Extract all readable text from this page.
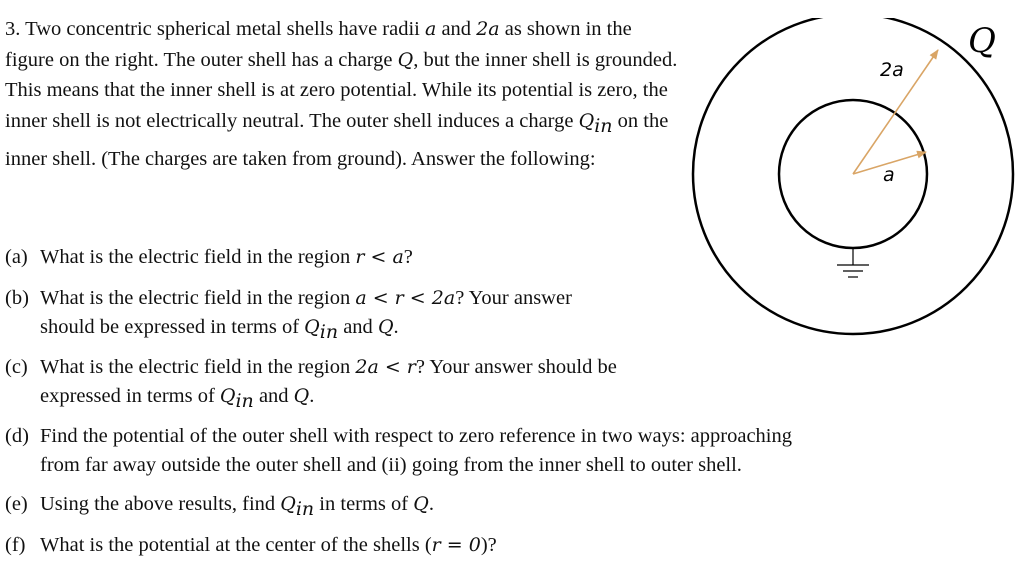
3. Two concentric spherical metal shells have radii a and 2a as shown in the figure on the right. The outer shell has a charge Q, but the inner shell is grounded. This means that the inner shell is at zero potential. While its potential is zero, the inner shell is not electrically neutral. The outer shell induces a charge $Q_{in}$ on the inner shell. (The charges are taken from ground). Answer the following:
(a) What is the electric field in the region r < a?
(b) What is the electric field in the region a < r < 2a? Your answer
should be expressed in terms of $Q_{in}$ and Q.
(c) What is the electric field in the region 2a < r? Your answer should be
expressed in terms of $Q_{in}$ and Q.
(d) Find the potential of the outer shell with respect to zero reference in two ways: approaching
from far away outside the outer shell and (ii) going from the inner shell to outer shell.
(e) Using the above results, find $Q_{in}$ in terms of Q.
(f) What is the potential at the center of the shells (r = 0)?
2a
a
Q
